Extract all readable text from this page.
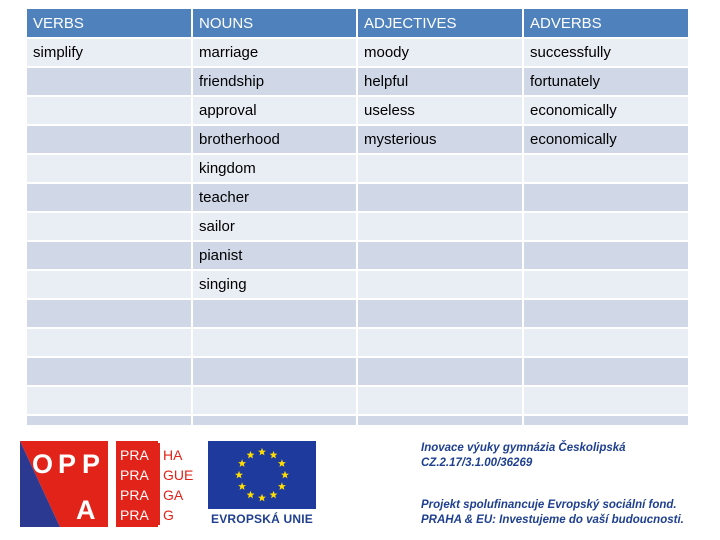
VERBS	NOUNS	ADJECTIVES	ADVERBS
simplify	marriage	moody	successfully
	friendship	helpful	fortunately
	approval	useless	economically
	brotherhood	mysterious	economically
	kingdom		
	teacher		
	sailor		
	pianist		
	singing		

O P P
A
PRA
PRA
PRA
PRA
HA
GUE
GA
G	EVROPSKÁ UNIE
Inovace výuky gymnázia Českolipská
CZ.2.17/3.1.00/36269
Projekt spolufinancuje Evropský sociální fond.
PRAHA & EU: Investujeme do vaší budoucnosti.
